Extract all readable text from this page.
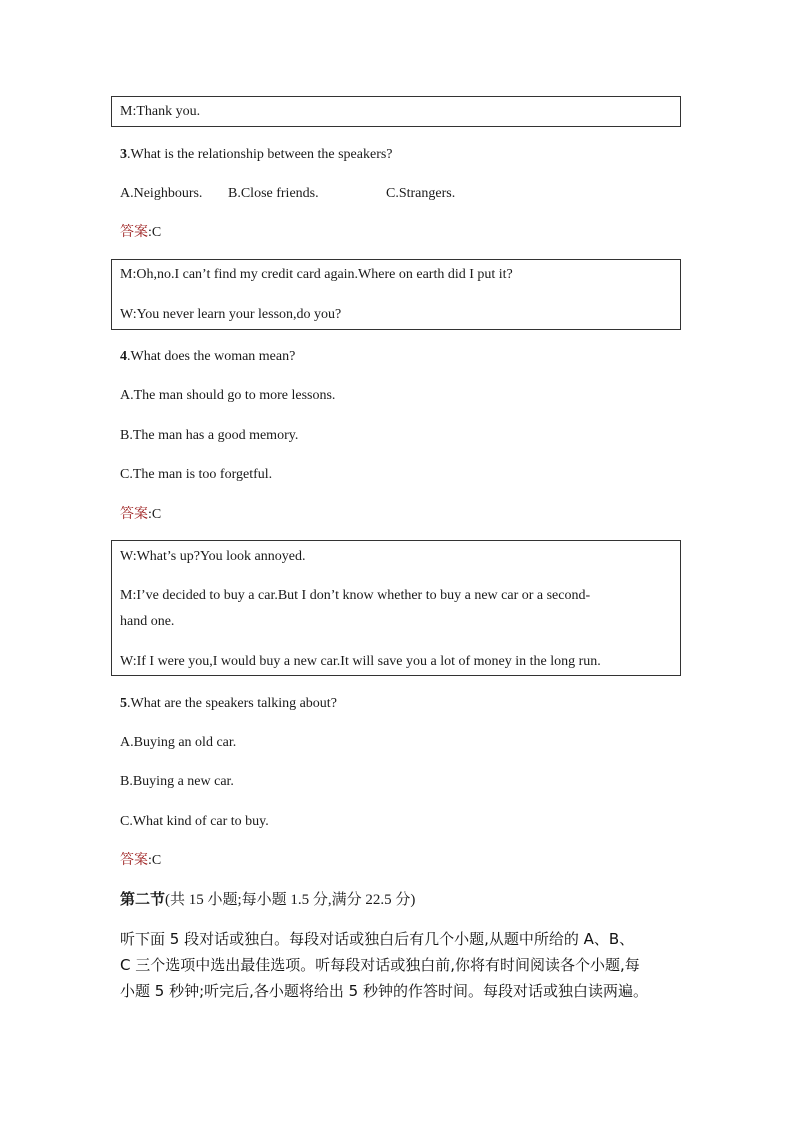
M:Thank you.
3.What is the relationship between the speakers?
A.Neighbours. B.Close friends.	C.Strangers.
答案:C
M:Oh,no.I can’t find my credit card again.Where on earth did I put it?
W:You never learn your lesson,do you?
4.What does the woman mean?
A.The man should go to more lessons.
B.The man has a good memory.
C.The man is too forgetful.
答案:C
W:What’s up?You look annoyed.
M:I’ve decided to buy a car.But I don’t know whether to buy a new car or a second-
hand one.
W:If I were you,I would buy a new car.It will save you a lot of money in the long run.
5.What are the speakers talking about?
A.Buying an old car.
B.Buying a new car.
C.What kind of car to buy.
答案:C
第二节(共 15 小题;每小题 1.5 分,满分 22.5 分)
听下面 5 段对话或独白。每段对话或独白后有几个小题,从题中所给的 A、B、
C 三个选项中选出最佳选项。听每段对话或独白前,你将有时间阅读各个小题,每
小题 5 秒钟;听完后,各小题将给出 5 秒钟的作答时间。每段对话或独白读两遍。
